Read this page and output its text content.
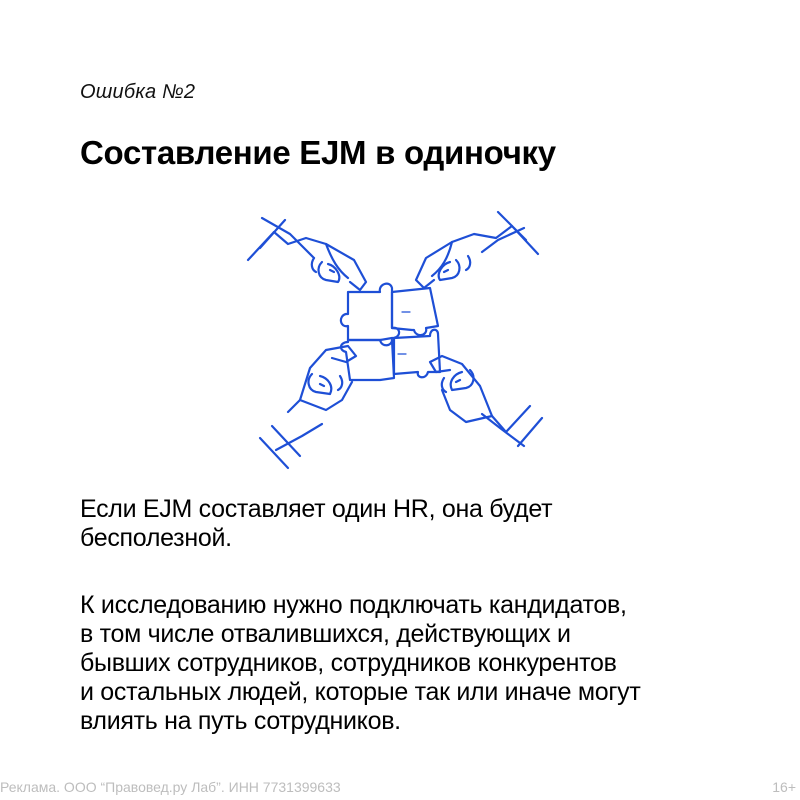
Ошибка №2

Составление EJM в одиночку

Если EJM составляет один HR, она будет
бесполезной.

К исследованию нужно подключать кандидатов,
в том числе отвалившихся, действующих и
бывших сотрудников, сотрудников конкурентов
и остальных людей, которые так или иначе могут
влиять на путь сотрудников.

Реклама. ООО “Правовед.ру Лаб”. ИНН 7731399633	16+
